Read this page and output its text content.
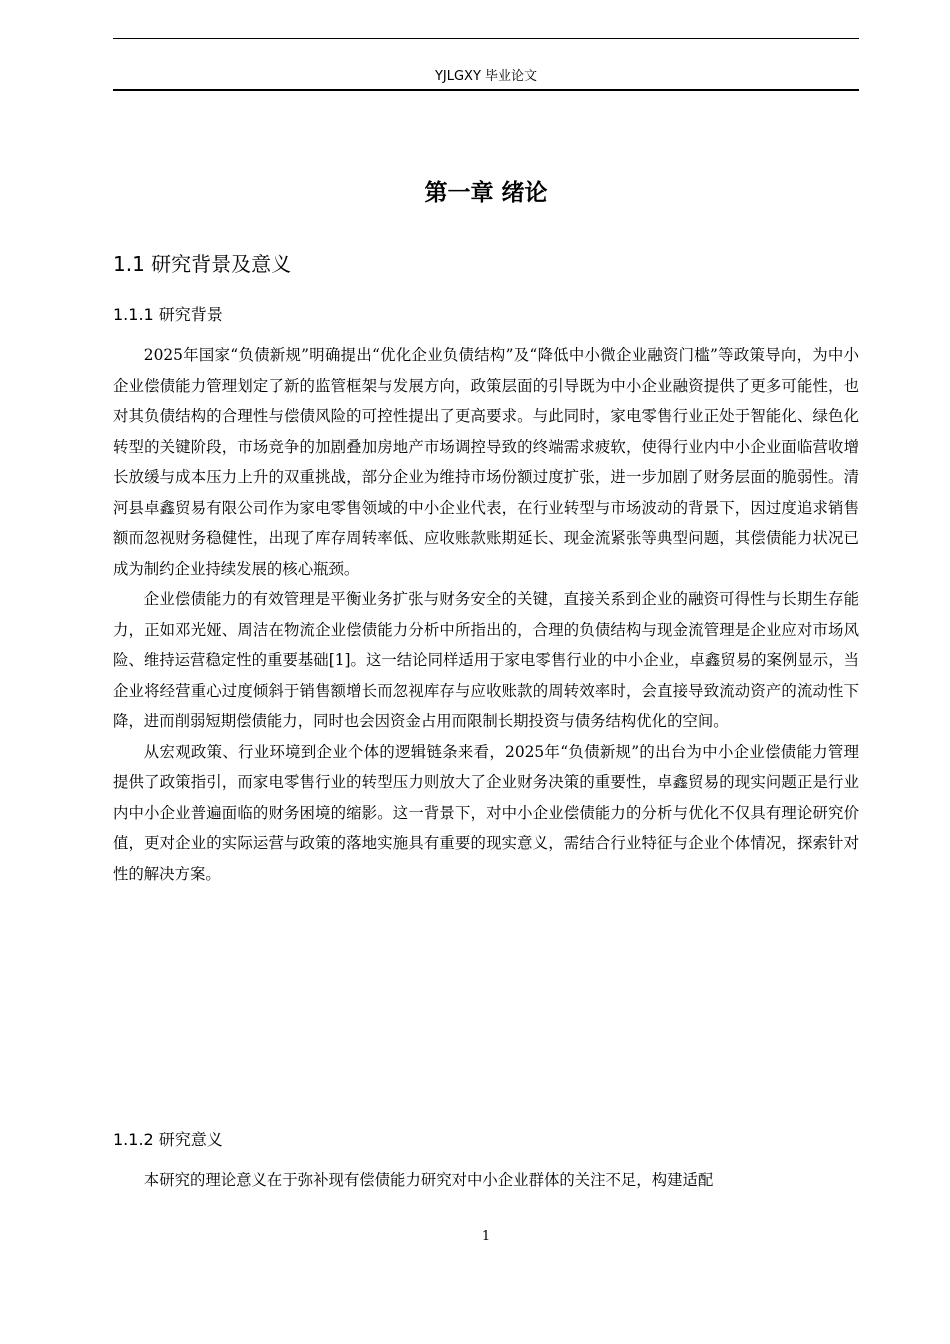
YJLGXY 毕业论文
第一章 绪论
1.1 研究背景及意义
1.1.1 研究背景

2025年国家“负债新规”明确提出“优化企业负债结构”及“降低中小微企业融资门槛”等政策导向，为中小企业偿债能力管理划定了新的监管框架与发展方向，政策层面的引导既为中小企业融资提供了更多可能性，也对其负债结构的合理性与偿债风险的可控性提出了更高要求。与此同时，家电零售行业正处于智能化、绿色化转型的关键阶段，市场竞争的加剧叠加房地产市场调控导致的终端需求疲软，使得行业内中小企业面临营收增长放缓与成本压力上升的双重挑战，部分企业为维持市场份额过度扩张，进一步加剧了财务层面的脆弱性。清河县卓鑫贸易有限公司作为家电零售领域的中小企业代表，在行业转型与市场波动的背景下，因过度追求销售额而忽视财务稳健性，出现了库存周转率低、应收账款账期延长、现金流紧张等典型问题，其偿债能力状况已成为制约企业持续发展的核心瓶颈。

企业偿债能力的有效管理是平衡业务扩张与财务安全的关键，直接关系到企业的融资可得性与长期生存能力，正如邓光娅、周洁在物流企业偿债能力分析中所指出的，合理的负债结构与现金流管理是企业应对市场风险、维持运营稳定性的重要基础[1]。这一结论同样适用于家电零售行业的中小企业，卓鑫贸易的案例显示，当企业将经营重心过度倾斜于销售额增长而忽视库存与应收账款的周转效率时，会直接导致流动资产的流动性下降，进而削弱短期偿债能力，同时也会因资金占用而限制长期投资与债务结构优化的空间。

从宏观政策、行业环境到企业个体的逻辑链条来看，2025年“负债新规”的出台为中小企业偿债能力管理提供了政策指引，而家电零售行业的转型压力则放大了企业财务决策的重要性，卓鑫贸易的现实问题正是行业内中小企业普遍面临的财务困境的缩影。这一背景下，对中小企业偿债能力的分析与优化不仅具有理论研究价值，更对企业的实际运营与政策的落地实施具有重要的现实意义，需结合行业特征与企业个体情况，探索针对性的解决方案。

1.1.2 研究意义

本研究的理论意义在于弥补现有偿债能力研究对中小企业群体的关注不足，构建适配

1
